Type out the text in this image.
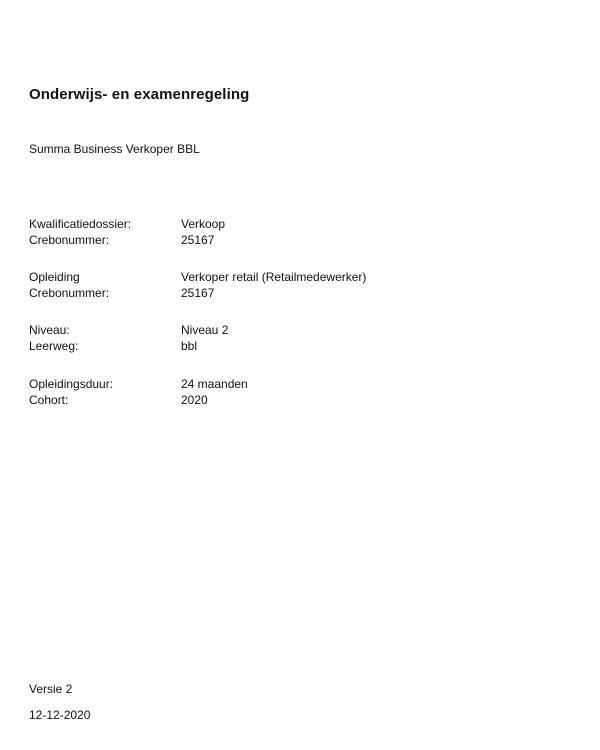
Onderwijs- en examenregeling
Summa Business Verkoper BBL
Kwalificatiedossier:	Verkoop
Crebonummer:	25167
Opleiding	Verkoper retail (Retailmedewerker)
Crebonummer:	25167
Niveau:	Niveau 2
Leerweg:	bbl
Opleidingsduur:	24 maanden
Cohort:	2020
Versie 2
12-12-2020
